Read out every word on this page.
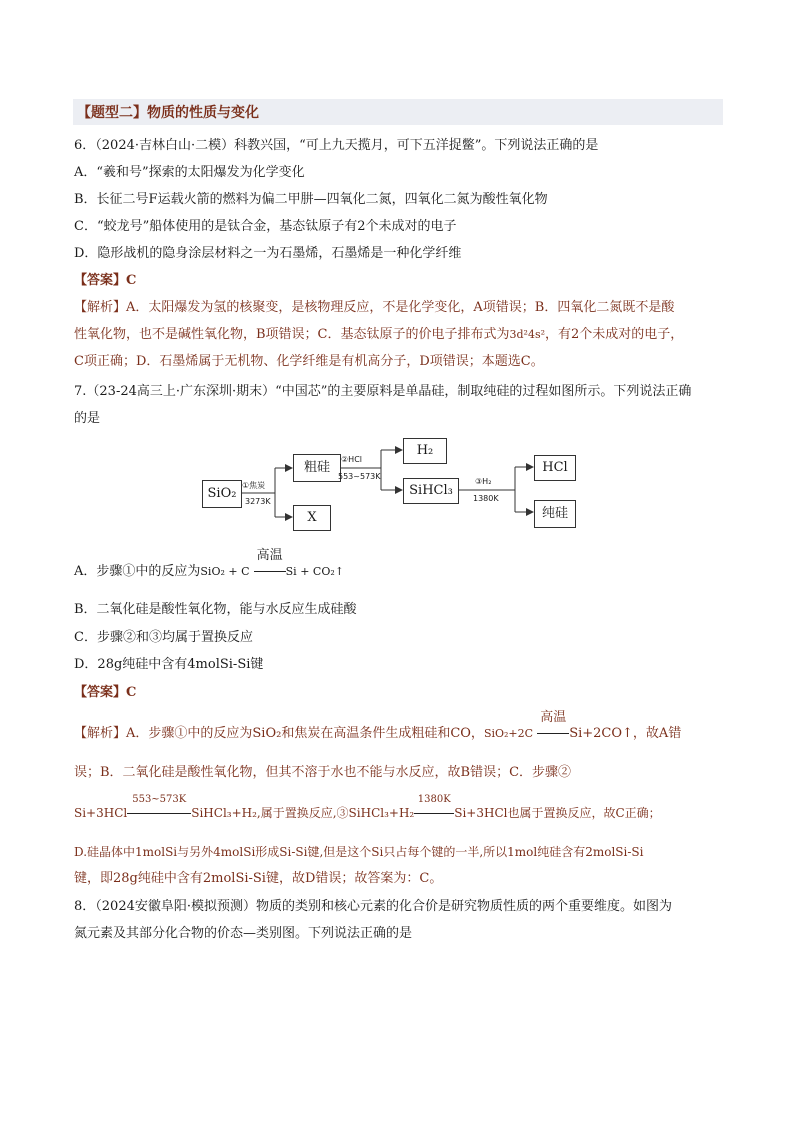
【题型二】物质的性质与变化
6．（2024·吉林白山·二模）科教兴国，“可上九天揽月，可下五洋捉鳖”。下列说法正确的是
A．“羲和号”探索的太阳爆发为化学变化
B．长征二号F运载火箭的燃料为偏二甲肼—四氧化二氮，四氧化二氮为酸性氧化物
C．“蛟龙号”船体使用的是钛合金，基态钛原子有2个未成对的电子
D．隐形战机的隐身涂层材料之一为石墨烯，石墨烯是一种化学纤维
【答案】C
【解析】A．太阳爆发为氢的核聚变，是核物理反应，不是化学变化，A项错误；B．四氧化二氮既不是酸
性氧化物，也不是碱性氧化物，B项错误；C．基态钛原子的价电子排布式为3d²4s²，有2个未成对的电子，
C项正确；D．石墨烯属于无机物、化学纤维是有机高分子，D项错误；本题选C。
7.（23-24高三上·广东深圳·期末）“中国芯”的主要原料是单晶硅，制取纯硅的过程如图所示。下列说法正确
的是
SiO₂
粗硅
X
H₂
SiHCl₃
HCl
纯硅
①焦炭
3273K
②HCl
553~573K
③H₂
1380K
A．步骤①中的反应为SiO₂ + C
高温
Si + CO₂↑
B．二氧化硅是酸性氧化物，能与水反应生成硅酸
C．步骤②和③均属于置换反应
D．28g纯硅中含有4molSi-Si键
【答案】C
【解析】A．步骤①中的反应为SiO₂和焦炭在高温条件生成粗硅和CO，SiO₂+2C
高温
Si+2CO↑，故A错
误；B．二氧化硅是酸性氧化物，但其不溶于水也不能与水反应，故B错误；C．步骤②
Si+3HCl
553~573K
SiHCl₃+H₂,属于置换反应,③SiHCl₃+H₂
1380K
Si+3HCl也属于置换反应，故C正确；
D.硅晶体中1molSi与另外4molSi形成Si-Si键,但是这个Si只占每个键的一半,所以1mol纯硅含有2molSi-Si
键，即28g纯硅中含有2molSi-Si键，故D错误；故答案为：C。
8．（2024安徽阜阳·模拟预测）物质的类别和核心元素的化合价是研究物质性质的两个重要维度。如图为
氮元素及其部分化合物的价态—类别图。下列说法正确的是
